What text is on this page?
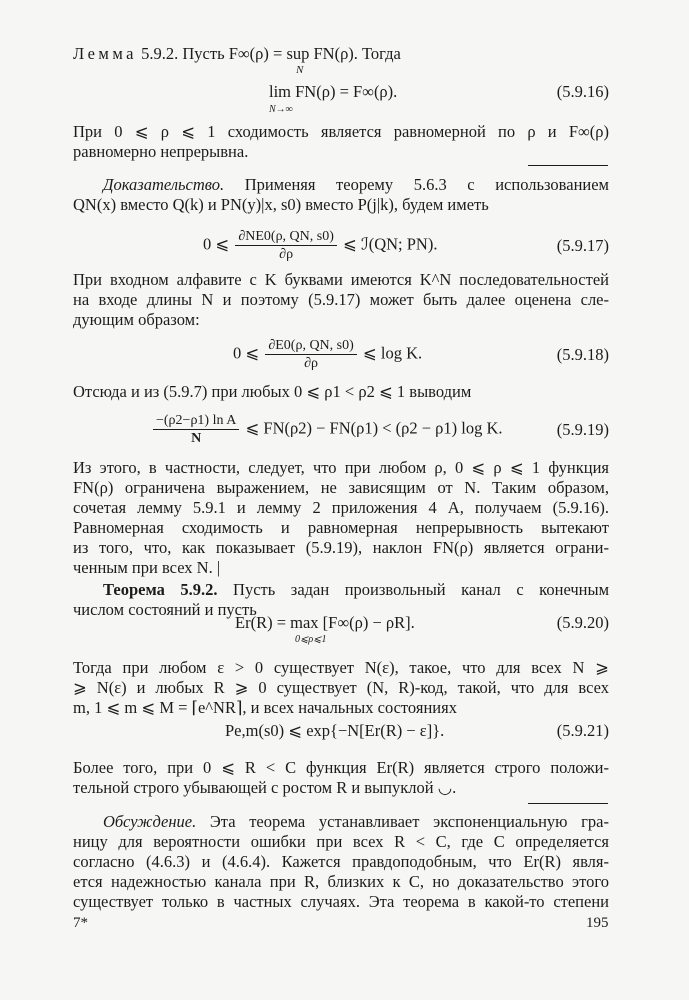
Лемма 5.9.2. Пусть F∞(ρ) = sup FN(ρ). Тогда
N
lim FN(ρ) = F∞(ρ).
N→∞
(5.9.16)
При 0 ⩽ ρ ⩽ 1 сходимость является равномерной по ρ и F∞(ρ)
равномерно непрерывна.
Доказательство. Применяя теорему 5.6.3 с использованием
QN(x) вместо Q(k) и PN(y)|x, s0) вместо P(j|k), будем иметь
0 ⩽ $\frac{\partial NE0(\rho, QN, s0)}{\partial\rho}$ ⩽ ℐ(QN; PN).	(5.9.17)
При входном алфавите с K буквами имеются K^N последовательностей
на входе длины N и поэтому (5.9.17) может быть далее оценена сле-
дующим образом:
0 ⩽ $\frac{\partial E0(\rho, QN, s0)}{\partial\rho}$ ⩽ log K.	(5.9.18)
Отсюда и из (5.9.7) при любых 0 ⩽ ρ1 < ρ2 ⩽ 1 выводим
$\frac{\text{−(ρ2−ρ1) ln A}}{N}$ ⩽ FN(ρ2) − FN(ρ1) < (ρ2 − ρ1) log K.	(5.9.19)
Из этого, в частности, следует, что при любом ρ, 0 ⩽ ρ ⩽ 1 функция
FN(ρ) ограничена выражением, не зависящим от N. Таким образом,
сочетая лемму 5.9.1 и лемму 2 приложения 4 A, получаем (5.9.16).
Равномерная сходимость и равномерная непрерывность вытекают
из того, что, как показывает (5.9.19), наклон FN(ρ) является ограни-
ченным при всех N. |
Теорема 5.9.2. Пусть задан произвольный канал с конечным
числом состояний и пусть
Er(R) = max [F∞(ρ) − ρR].
0⩽ρ⩽1
(5.9.20)
Тогда при любом ε > 0 существует N(ε), такое, что для всех N ⩾
⩾ N(ε) и любых R ⩾ 0 существует (N, R)-код, такой, что для всех
m, 1 ⩽ m ⩽ M = ⌈e^NR⌉, и всех начальных состояниях
Pe,m(s0) ⩽ exp{−N[Er(R) − ε]}.	(5.9.21)
Более того, при 0 ⩽ R < C функция Er(R) является строго положи-
тельной строго убывающей с ростом R и выпуклой ◡.
Обсуждение. Эта теорема устанавливает экспоненциальную гра-
ницу для вероятности ошибки при всех R < C, где C определяется
согласно (4.6.3) и (4.6.4). Кажется правдоподобным, что Er(R) явля-
ется надежностью канала при R, близких к C, но доказательство этого
существует только в частных случаях. Эта теорема в какой-то степени
7*	195
